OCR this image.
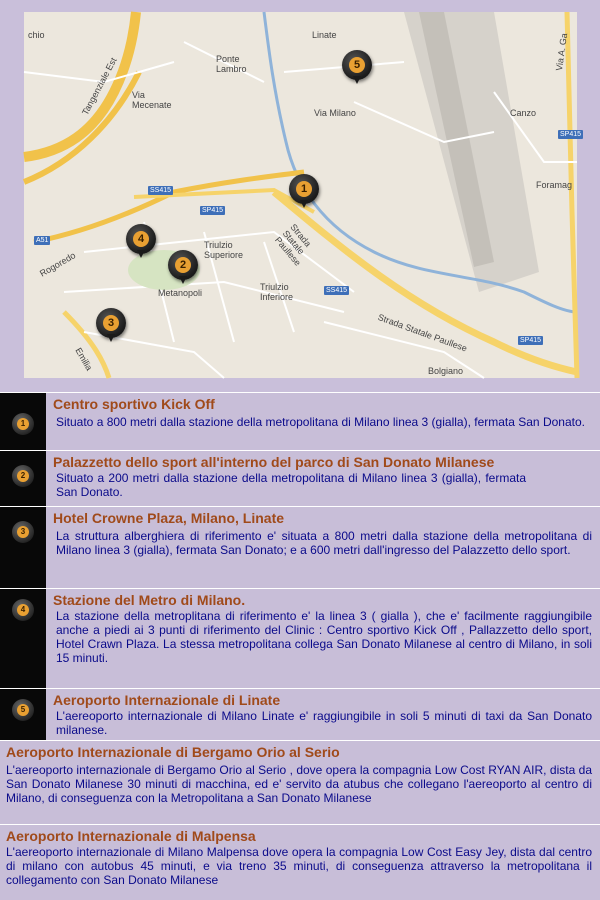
chio
Ponte
Lambro
Linate
Via
Mecenate
Via Milano	Canzo
Foramag
Tangenziale Est
Via A. Ga
Triulzio
Superiore
Metanopoli
Triulzio
Inferiore
Strada
Statale
Paullese
Strada Statale Paullese
Rogoredo
Emilia	Bolgiano
SS415
SP415
A51
SS415
SP415
SP415
1
2
3
4
5
1
Centro sportivo Kick Off
Situato a 800 metri dalla stazione della metropolitana di Milano linea 3 (gialla), fermata San Donato.
2
Palazzetto dello sport all'interno del parco di San Donato Milanese
Situato a 200 metri dalla stazione della metropolitana di Milano linea 3 (gialla), fermata San Donato.
3
Hotel Crowne Plaza, Milano, Linate
La struttura alberghiera di riferimento e' situata a 800 metri dalla stazione della metropolitana di Milano linea 3 (gialla), fermata San Donato; e a 600 metri dall'ingresso del Palazzetto dello sport.
4
Stazione del Metro di Milano.
La stazione della metroplitana di riferimento e' la linea 3 ( gialla ), che e' facilmente raggiungibile anche a piedi ai 3 punti di riferimento del Clinic : Centro sportivo Kick Off , Pallazzetto dello sport, Hotel Crawn Plaza. La stessa metropolitana collega San Donato Milanese al centro di Milano, in soli 15 minuti.
5
Aeroporto Internazionale di Linate
L'aereoporto internazionale di Milano Linate e' raggiungibile in soli 5 minuti di taxi da San Donato milanese.
Aeroporto Internazionale di Bergamo Orio al Serio
L'aereoporto internazionale di Bergamo Orio al Serio , dove opera la compagnia Low Cost RYAN AIR, dista da San Donato Milanese 30 minuti di macchina, ed e' servito da atubus che collegano l'aereoporto al centro di Milano, di conseguenza con la Metropolitana a San Donato Milanese
Aeroporto Internazionale di Malpensa
L'aereoporto internazionale di Milano Malpensa dove opera la compagnia Low Cost Easy Jey, dista dal centro di milano con autobus 45 minuti, e via treno 35 minuti, di conseguenza attraverso la metropolitana il collegamento con San Donato Milanese
